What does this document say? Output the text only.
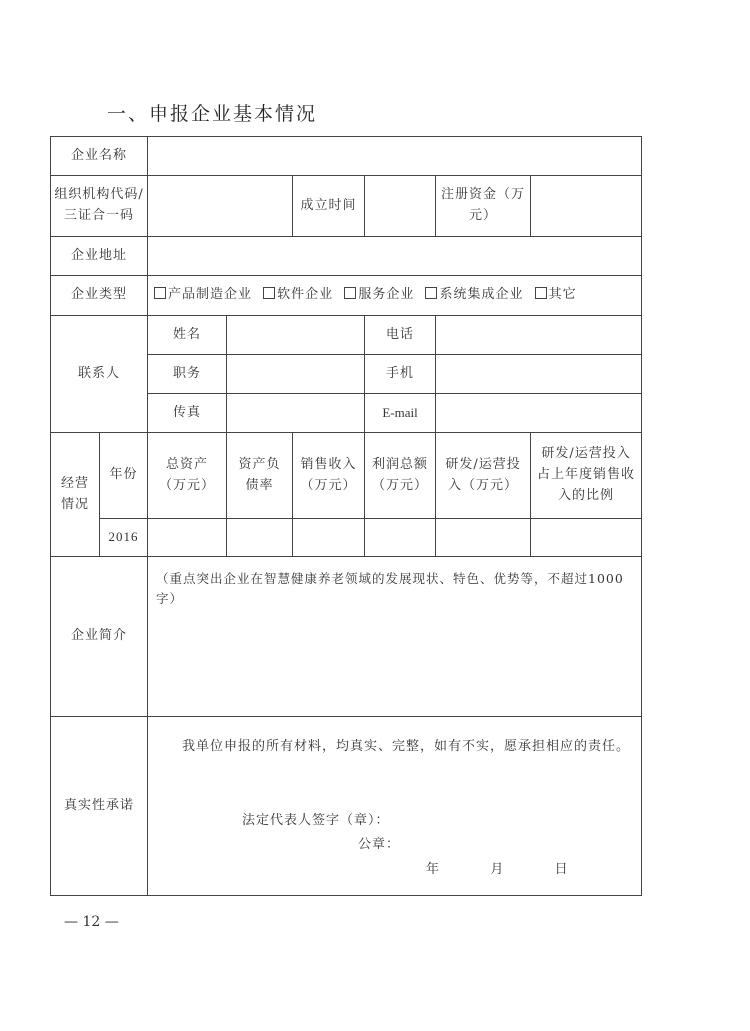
一、申报企业基本情况
企业名称							
组织机构代码/三证合一码				成立时间		注册资金（万元）	
企业地址							
企业类型		产品制造企业 软件企业 服务企业 系统集成企业 其它					
联系人		姓名			电话		
		职务			手机		
		传真			E-mail		
经营情况	年份	总资产（万元）	资产负债率	销售收入（万元）	利润总额（万元）	研发/运营投入（万元）	研发/运营投入占上年度销售收入的比例
	2016						
企业简介		（重点突出企业在智慧健康养老领域的发展现状、特色、优势等，不超过1000字）					
真实性承诺		我单位申报的所有材料，均真实、完整，如有不实，愿承担相应的责任。
法定代表人签字（章）：
公章：
年 月 日					
— 12 —
